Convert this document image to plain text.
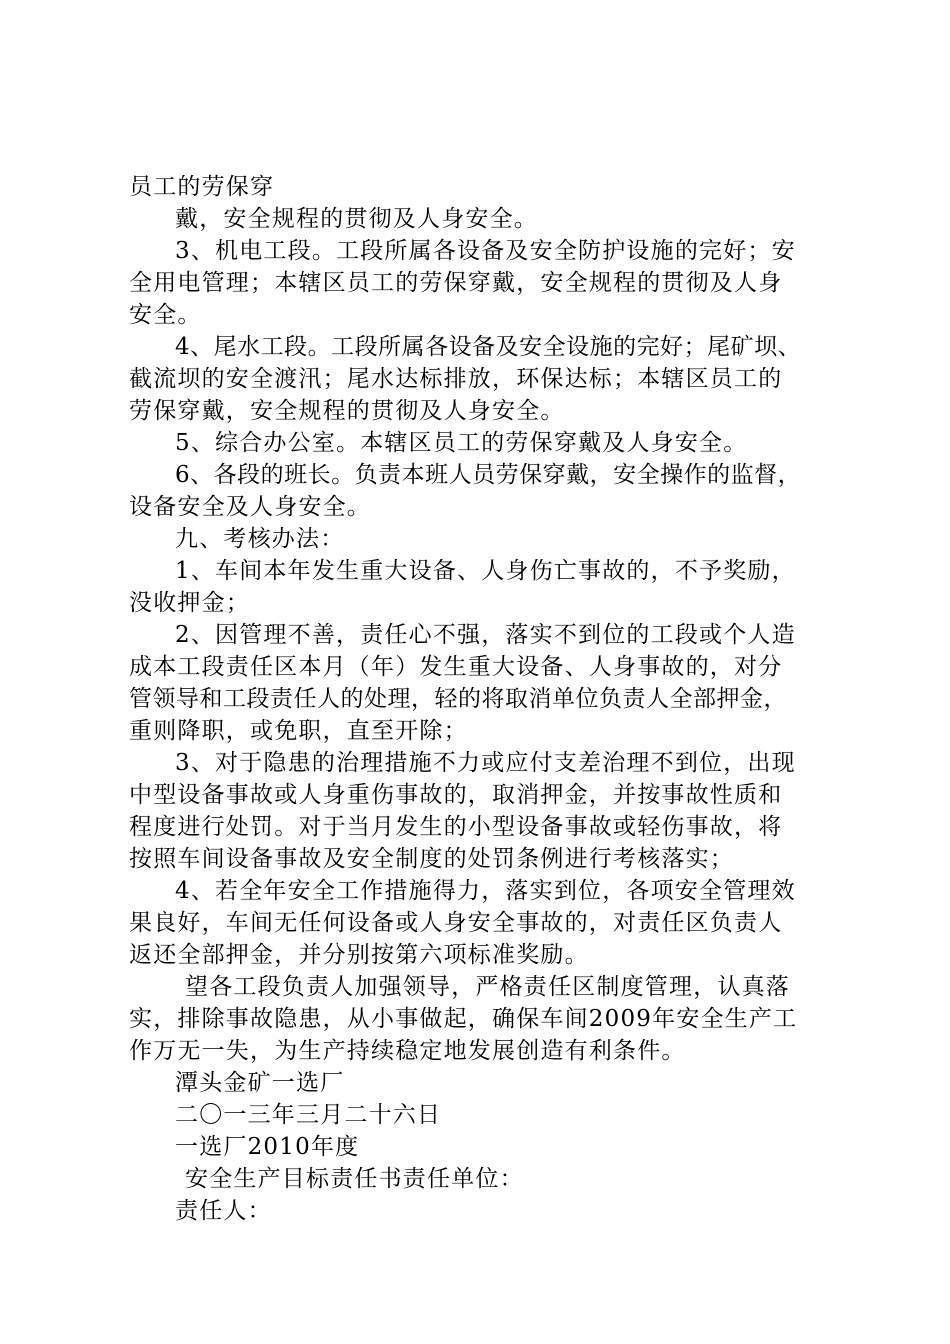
员工的劳保穿
戴，安全规程的贯彻及人身安全。
3、机电工段。工段所属各设备及安全防护设施的完好；安
全用电管理；本辖区员工的劳保穿戴，安全规程的贯彻及人身
安全。
4、尾水工段。工段所属各设备及安全设施的完好；尾矿坝、
截流坝的安全渡汛；尾水达标排放，环保达标；本辖区员工的
劳保穿戴，安全规程的贯彻及人身安全。
5、综合办公室。本辖区员工的劳保穿戴及人身安全。
6、各段的班长。负责本班人员劳保穿戴，安全操作的监督，
设备安全及人身安全。
九、考核办法：
1、车间本年发生重大设备、人身伤亡事故的，不予奖励，
没收押金；
2、因管理不善，责任心不强，落实不到位的工段或个人造
成本工段责任区本月（年）发生重大设备、人身事故的，对分
管领导和工段责任人的处理，轻的将取消单位负责人全部押金，
重则降职，或免职，直至开除；
3、对于隐患的治理措施不力或应付支差治理不到位，出现
中型设备事故或人身重伤事故的，取消押金，并按事故性质和
程度进行处罚。对于当月发生的小型设备事故或轻伤事故，将
按照车间设备事故及安全制度的处罚条例进行考核落实；
4、若全年安全工作措施得力，落实到位，各项安全管理效
果良好，车间无任何设备或人身安全事故的，对责任区负责人
返还全部押金，并分别按第六项标准奖励。
望各工段负责人加强领导，严格责任区制度管理，认真落
实，排除事故隐患，从小事做起，确保车间2009年安全生产工
作万无一失，为生产持续稳定地发展创造有利条件。
潭头金矿一选厂
二〇一三年三月二十六日
一选厂2010年度
安全生产目标责任书责任单位：
责任人：
